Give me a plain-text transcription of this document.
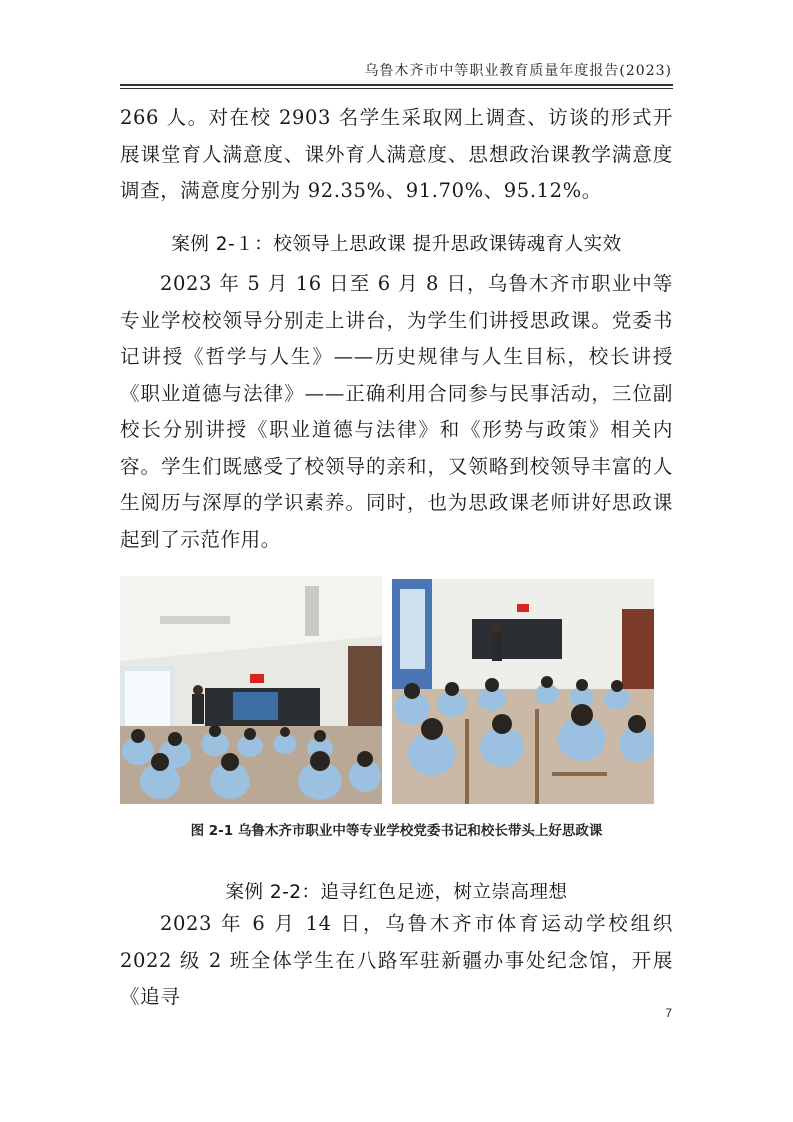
乌鲁木齐市中等职业教育质量年度报告(2023)

266 人。对在校 2903 名学生采取网上调查、访谈的形式开展课堂育人满意度、课外育人满意度、思想政治课教学满意度调查，满意度分别为 92.35%、91.70%、95.12%。

案例 2-１：校领导上思政课 提升思政课铸魂育人实效

2023 年 5 月 16 日至 6 月 8 日，乌鲁木齐市职业中等专业学校校领导分别走上讲台，为学生们讲授思政课。党委书记讲授《哲学与人生》——历史规律与人生目标，校长讲授《职业道德与法律》——正确利用合同参与民事活动，三位副校长分别讲授《职业道德与法律》和《形势与政策》相关内容。学生们既感受了校领导的亲和，又领略到校领导丰富的人生阅历与深厚的学识素养。同时，也为思政课老师讲好思政课起到了示范作用。

图 2-1 乌鲁木齐市职业中等专业学校党委书记和校长带头上好思政课
案例 2-2：追寻红色足迹，树立崇高理想

2023 年 6 月 14 日，乌鲁木齐市体育运动学校组织 2022 级 2 班全体学生在八路军驻新疆办事处纪念馆，开展《追寻

7
